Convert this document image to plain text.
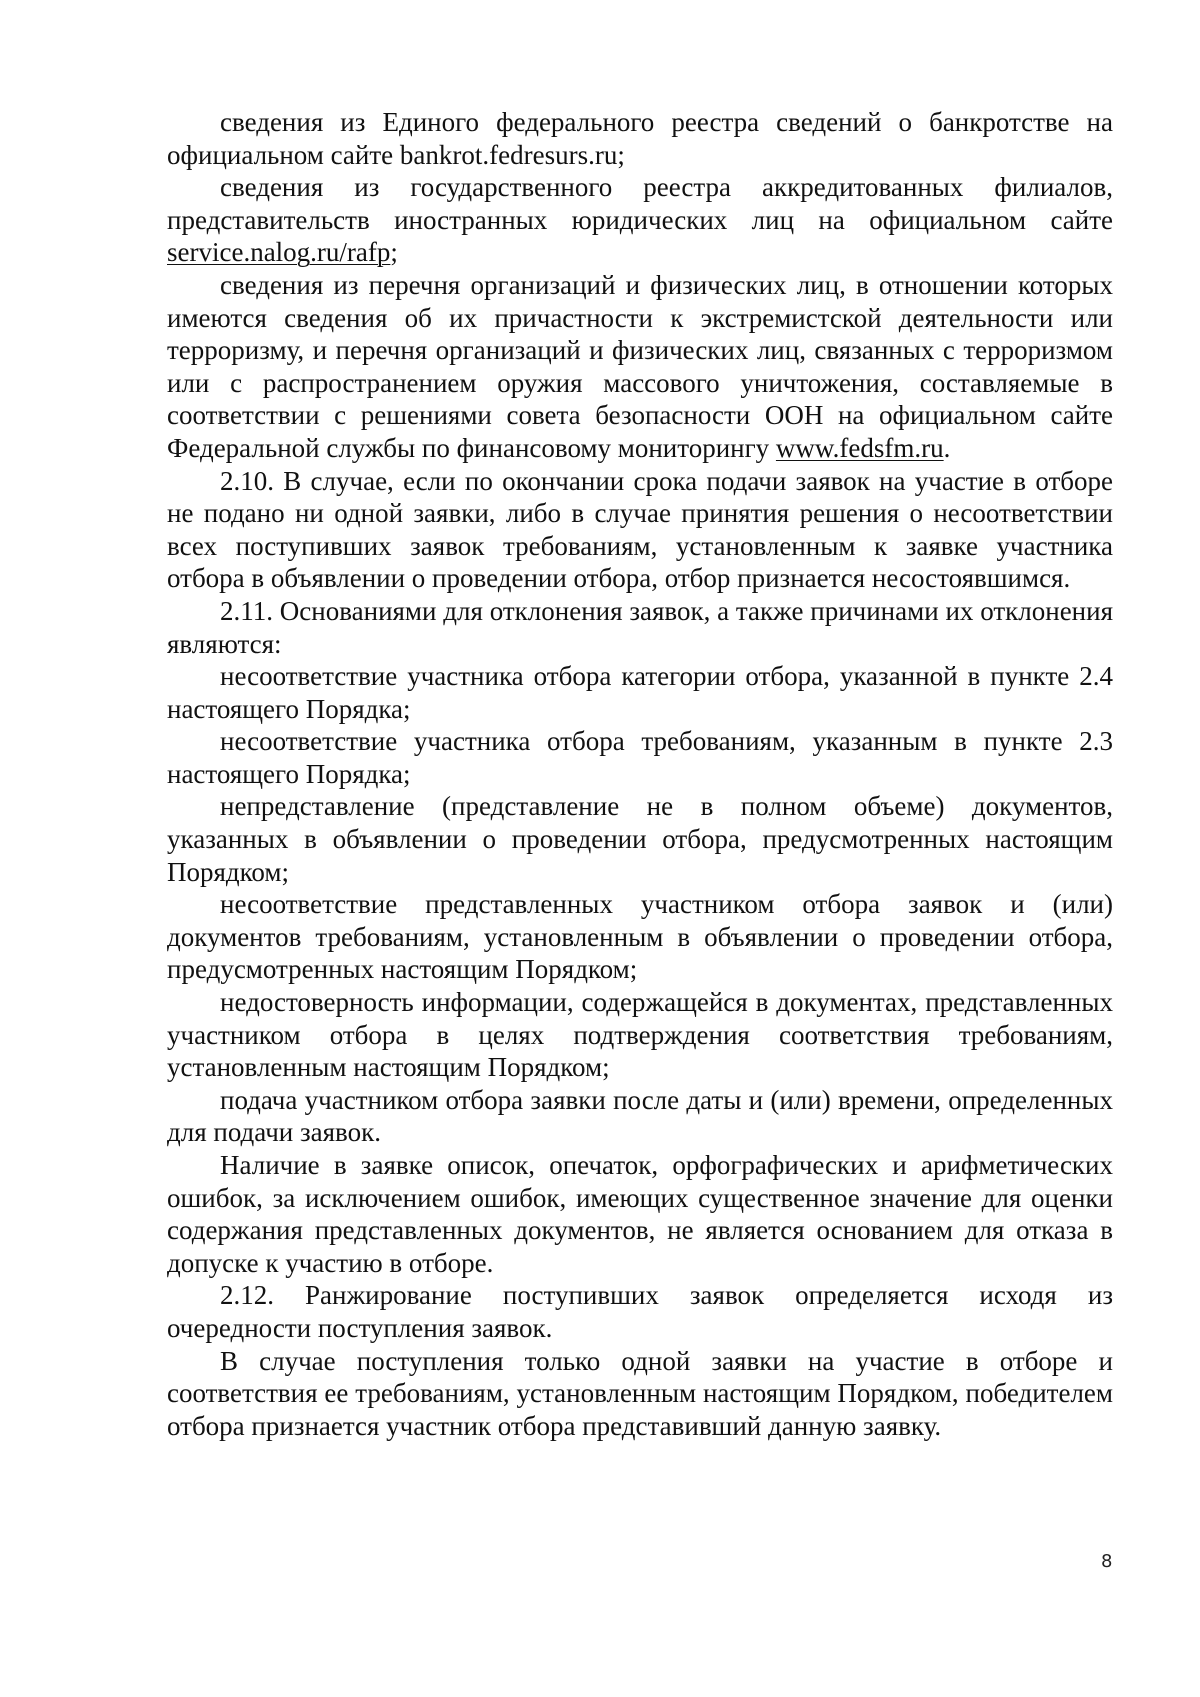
сведения из Единого федерального реестра сведений о банкротстве на официальном сайте bankrot.fedresurs.ru;

сведения из государственного реестра аккредитованных филиалов, представительств иностранных юридических лиц на официальном сайте service.nalog.ru/rafp;

сведения из перечня организаций и физических лиц, в отношении которых имеются сведения об их причастности к экстремистской деятельности или терроризму, и перечня организаций и физических лиц, связанных с терроризмом или с распространением оружия массового уничтожения, составляемые в соответствии с решениями совета безопасности ООН на официальном сайте Федеральной службы по финансовому мониторингу www.fedsfm.ru.

2.10. В случае, если по окончании срока подачи заявок на участие в отборе не подано ни одной заявки, либо в случае принятия решения о несоответствии всех поступивших заявок требованиям, установленным к заявке участника отбора в объявлении о проведении отбора, отбор признается несостоявшимся.

2.11. Основаниями для отклонения заявок, а также причинами их отклонения являются:

несоответствие участника отбора категории отбора, указанной в пункте 2.4 настоящего Порядка;

несоответствие участника отбора требованиям, указанным в пункте 2.3 настоящего Порядка;

непредставление (представление не в полном объеме) документов, указанных в объявлении о проведении отбора, предусмотренных настоящим Порядком;

несоответствие представленных участником отбора заявок и (или) документов требованиям, установленным в объявлении о проведении отбора, предусмотренных настоящим Порядком;

недостоверность информации, содержащейся в документах, представленных участником отбора в целях подтверждения соответствия требованиям, установленным настоящим Порядком;

подача участником отбора заявки после даты и (или) времени, определенных для подачи заявок.

Наличие в заявке описок, опечаток, орфографических и арифметических ошибок, за исключением ошибок, имеющих существенное значение для оценки содержания представленных документов, не является основанием для отказа в допуске к участию в отборе.

2.12. Ранжирование поступивших заявок определяется исходя из очередности поступления заявок.

В случае поступления только одной заявки на участие в отборе и соответствия ее требованиям, установленным настоящим Порядком, победителем отбора признается участник отбора представивший данную заявку.

8
